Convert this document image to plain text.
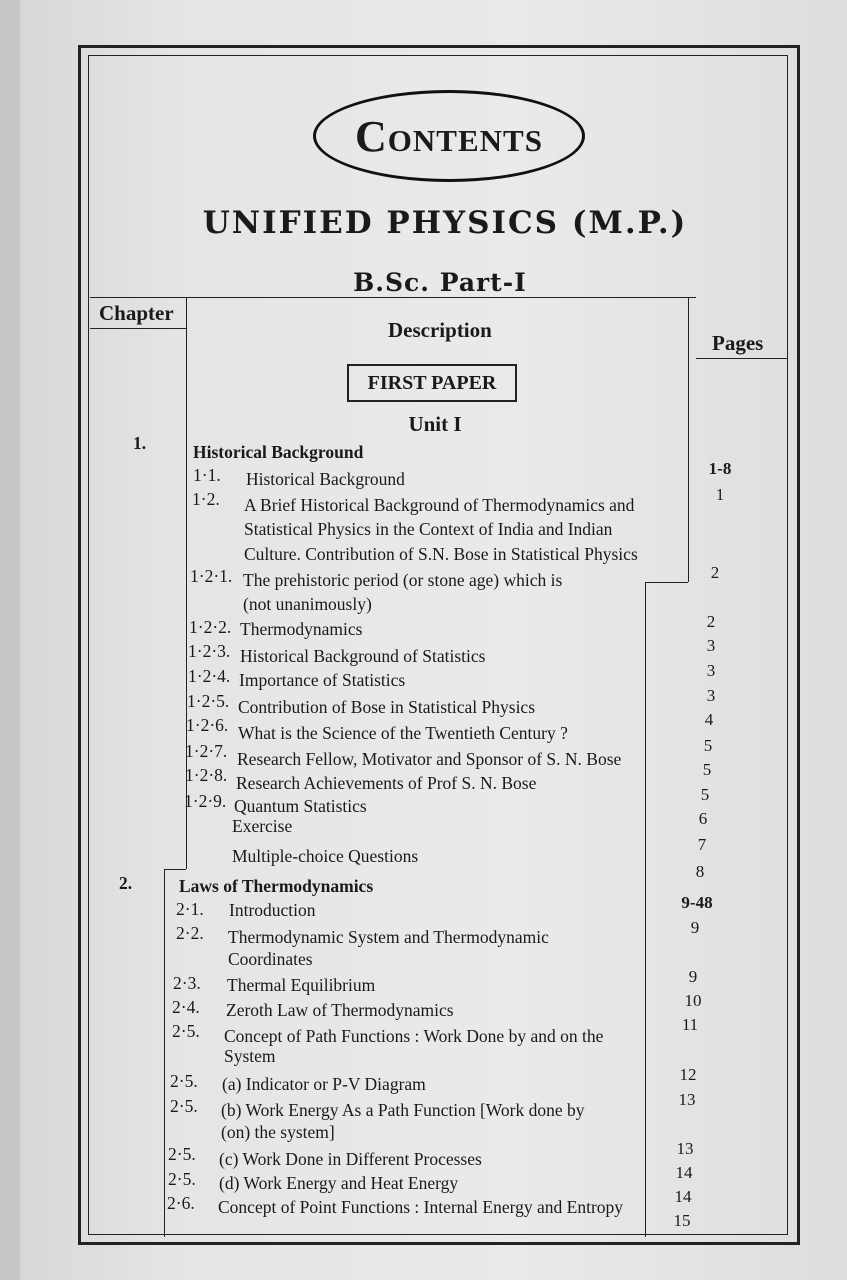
Contents
UNIFIED PHYSICS (M.P.)
B.Sc. Part-I
Chapter
Description
Pages
FIRST PAPER
Unit I
1.	Historical Background
1-8
1·1. Historical Background
1
1·2. A Brief Historical Background of Thermodynamics and
Statistical Physics in the Context of India and Indian
Culture. Contribution of S.N. Bose in Statistical Physics
2
1·2·1. The prehistoric period (or stone age) which is
(not unanimously)
2
1·2·2. Thermodynamics
3
1·2·3. Historical Background of Statistics
3
1·2·4. Importance of Statistics
3
1·2·5. Contribution of Bose in Statistical Physics
4
1·2·6. What is the Science of the Twentieth Century ?
5
1·2·7. Research Fellow, Motivator and Sponsor of S. N. Bose
5
1·2·8. Research Achievements of Prof S. N. Bose
5
1·2·9. Quantum Statistics
6
Exercise
7
Multiple-choice Questions
8
2.	Laws of Thermodynamics
9-48
2·1. Introduction
9
2·2. Thermodynamic System and Thermodynamic
Coordinates
9
2·3. Thermal Equilibrium
10
2·4. Zeroth Law of Thermodynamics
11
2·5. Concept of Path Functions : Work Done by and on the
System
12
2·5. (a) Indicator or P-V Diagram
13
2·5. (b) Work Energy As a Path Function [Work done by
(on) the system]
13
2·5. (c) Work Done in Different Processes
14
2·5. (d) Work Energy and Heat Energy
14
2·6. Concept of Point Functions : Internal Energy and Entropy
15
